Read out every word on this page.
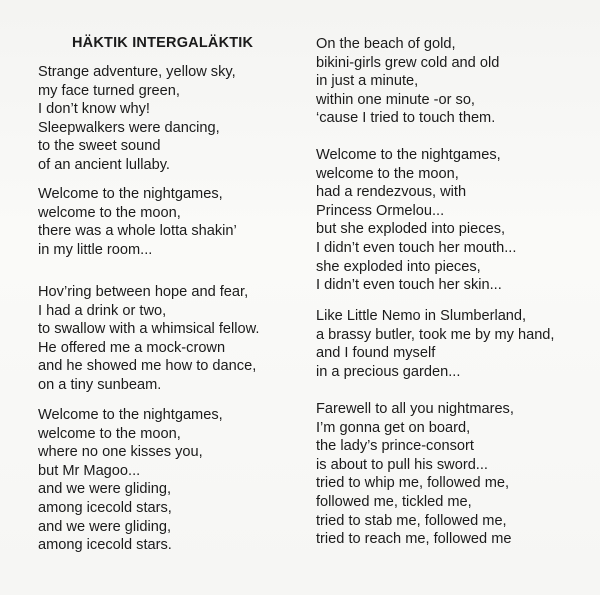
HÄKTIK INTERGALÄKTIK
Strange adventure, yellow sky,
my face turned green,
I don’t know why!
Sleepwalkers were dancing,
to the sweet sound
of an ancient lullaby.
Welcome to the nightgames,
welcome to the moon,
there was a whole lotta shakin’
in my little room...
Hov’ring between hope and fear,
I had a drink or two,
to swallow with a whimsical fellow.
He offered me a mock-crown
and he showed me how to dance,
on a tiny sunbeam.
Welcome to the nightgames,
welcome to the moon,
where no one kisses you,
but Mr Magoo...
and we were gliding,
among icecold stars,
and we were gliding,
among icecold stars.
On the beach of gold,
bikini-girls grew cold and old
in just a minute,
within one minute -or so,
‘cause I tried to touch them.
Welcome to the nightgames,
welcome to the moon,
had a rendezvous, with
Princess Ormelou...
but she exploded into pieces,
I didn’t even touch her mouth...
she exploded into pieces,
I didn’t even touch her skin...
Like Little Nemo in Slumberland,
a brassy butler, took me by my hand,
and I found myself
in a precious garden...
Farewell to all you nightmares,
I’m gonna get on board,
the lady’s prince-consort
is about to pull his sword...
tried to whip me, followed me,
followed me, tickled me,
tried to stab me, followed me,
tried to reach me, followed me
